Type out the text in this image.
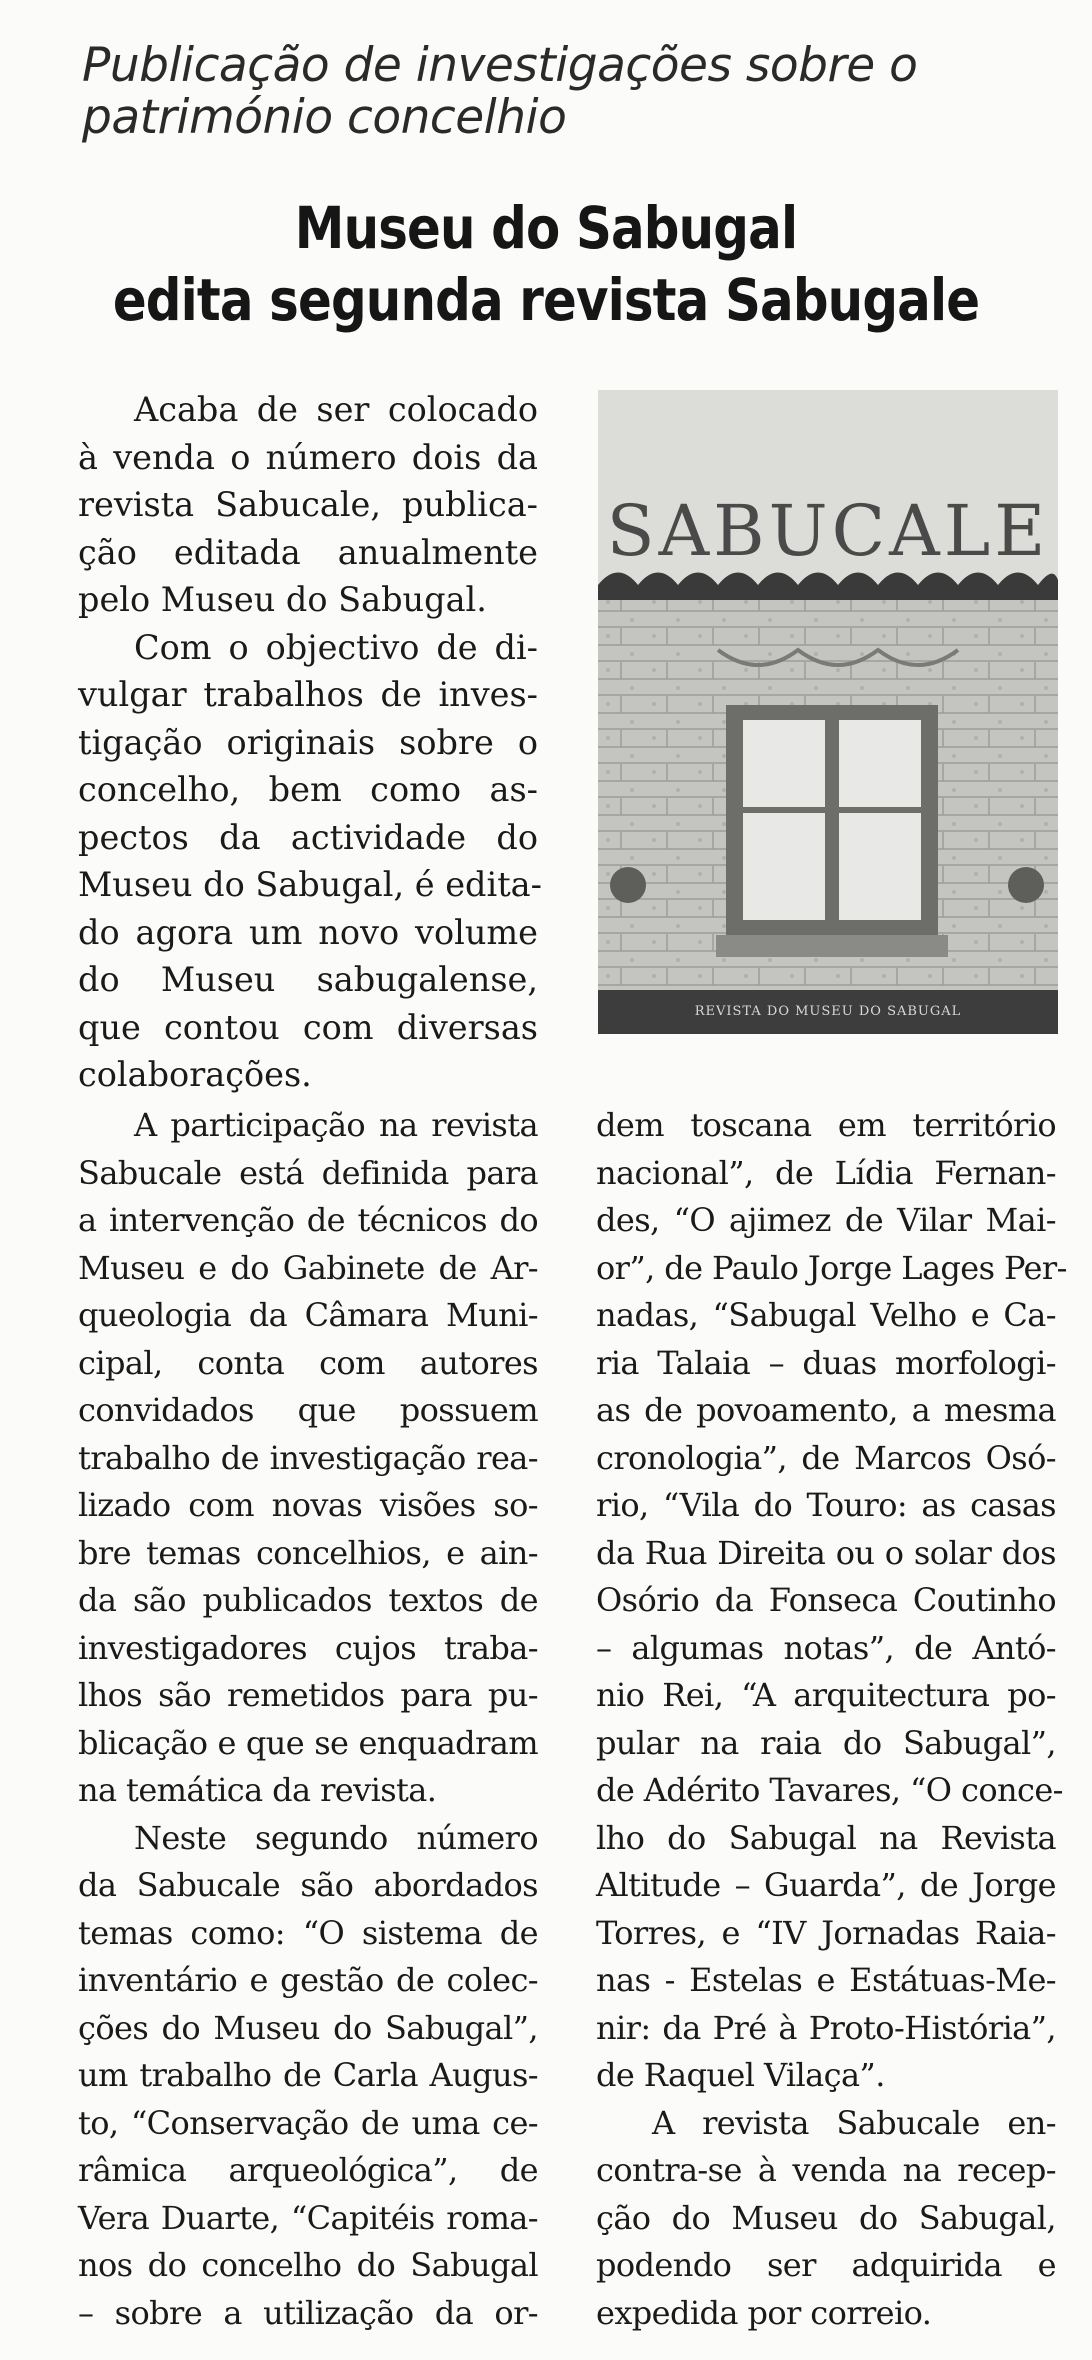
Publicação de investigações sobre o património concelhio
Museu do Sabugal
edita segunda revista Sabugale
Acaba de ser colocado
à venda o número dois da
revista Sabucale, publica-
ção editada anualmente
pelo Museu do Sabugal.
Com o objectivo de di-
vulgar trabalhos de inves-
tigação originais sobre o
concelho, bem como as-
pectos da actividade do
Museu do Sabugal, é edita-
do agora um novo volume
do Museu sabugalense,
que contou com diversas
colaborações.
SABUCALE
REVISTA DO MUSEU DO SABUGAL
A participação na revista
Sabucale está definida para
a intervenção de técnicos do
Museu e do Gabinete de Ar-
queologia da Câmara Muni-
cipal, conta com autores
convidados que possuem
trabalho de investigação rea-
lizado com novas visões so-
bre temas concelhios, e ain-
da são publicados textos de
investigadores cujos traba-
lhos são remetidos para pu-
blicação e que se enquadram
na temática da revista.
Neste segundo número
da Sabucale são abordados
temas como: “O sistema de
inventário e gestão de colec-
ções do Museu do Sabugal”,
um trabalho de Carla Augus-
to, “Conservação de uma ce-
râmica arqueológica”, de
Vera Duarte, “Capitéis roma-
nos do concelho do Sabugal
– sobre a utilização da or-
dem toscana em território
nacional”, de Lídia Fernan-
des, “O ajimez de Vilar Mai-
or”, de Paulo Jorge Lages Per-
nadas, “Sabugal Velho e Ca-
ria Talaia – duas morfologi-
as de povoamento, a mesma
cronologia”, de Marcos Osó-
rio, “Vila do Touro: as casas
da Rua Direita ou o solar dos
Osório da Fonseca Coutinho
– algumas notas”, de Antó-
nio Rei, “A arquitectura po-
pular na raia do Sabugal”,
de Adérito Tavares, “O conce-
lho do Sabugal na Revista
Altitude – Guarda”, de Jorge
Torres, e “IV Jornadas Raia-
nas - Estelas e Estátuas-Me-
nir: da Pré à Proto-História”,
de Raquel Vilaça”.
A revista Sabucale en-
contra-se à venda na recep-
ção do Museu do Sabugal,
podendo ser adquirida e
expedida por correio.
